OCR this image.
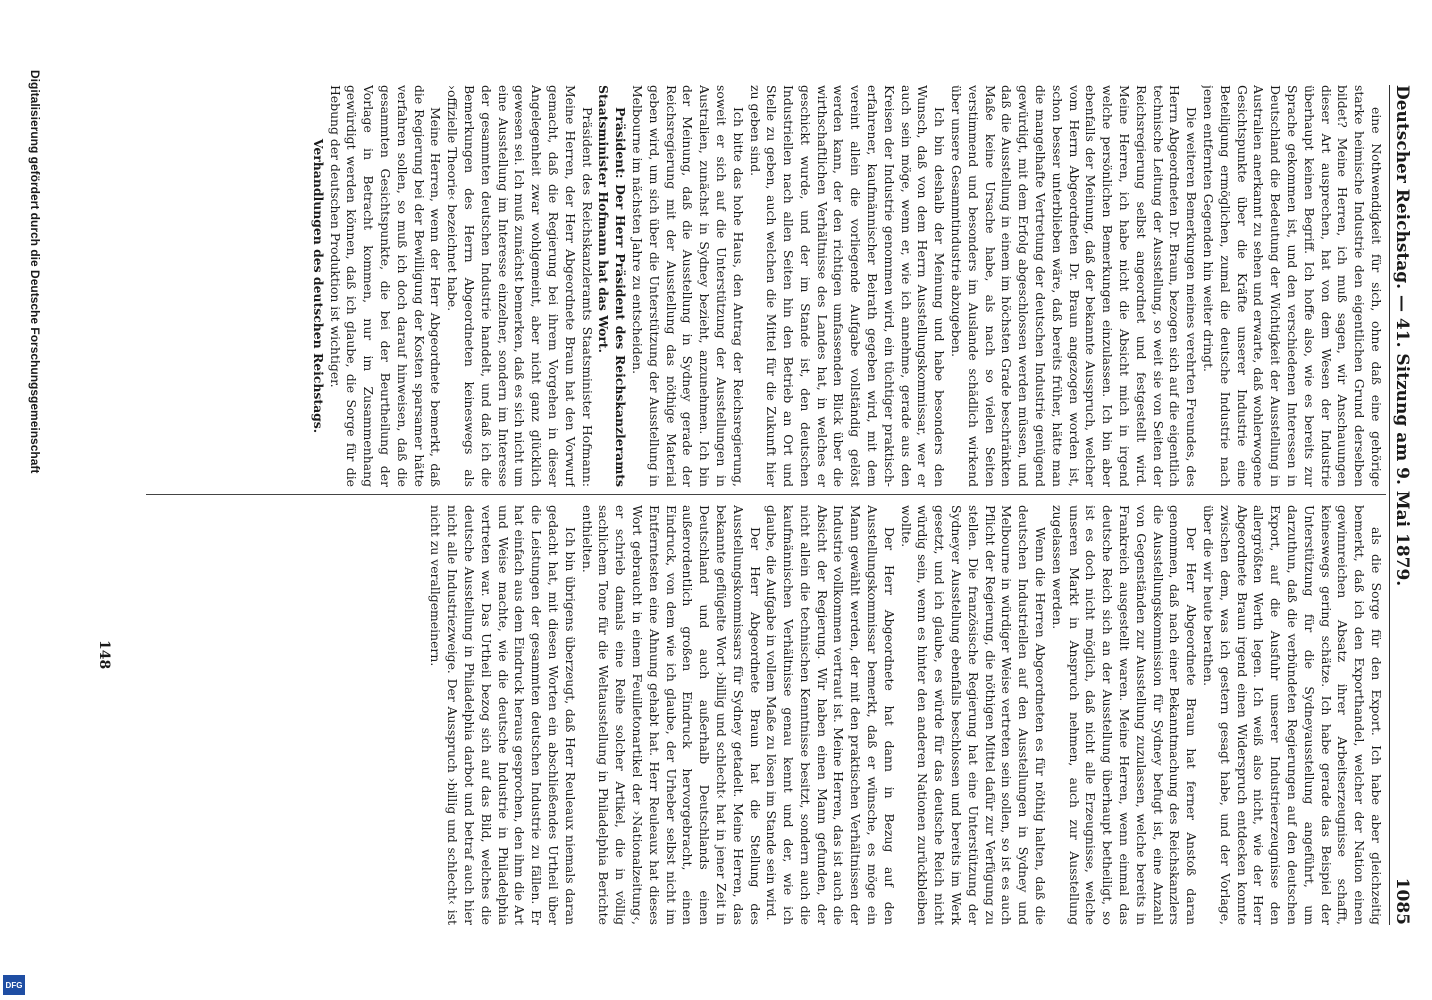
Deutscher Reichstag. — 41. Sitzung am 9. Mai 1879.
1085

eine Nothwendigkeit für sich, ohne daß eine gehörige starke heimische Industrie den eigentlichen Grund derselben bildet? Meine Herren, ich muß sagen, wir Anschauungen dieser Art ausprechen, hat von dem Wesen der Industrie überhaupt keinen Begriff. Ich hoffe also, wie es bereits zur Sprache gekommen ist, und den verschiedenen Interessen in Deutschland die Bedeutung der Wichtigkeit der Ausstellung in Australien anerkannt zu sehen und erwarte, daß wohlerwogene Gesichtspunkte über die Kräfte unserer Industrie eine Beteiligung ermöglichen, zumal die deutsche Industrie nach jenen entfernten Gegenden hin weiter dringt.

Die weiteren Bemerkungen meines verehrten Freundes, des Herrn Abgeordneten Dr. Braun, bezogen sich auf die eigentlich technische Leitung der Ausstellung, so weit sie von Seiten der Reichsregierung selbst angeordnet und festgestellt wird. Meine Herren, ich habe nicht die Absicht mich in irgend welche persönlichen Bemerkungen einzulassen. Ich bin aber ebenfalls der Meinung, daß der bekannte Ausspruch, welcher vom Herrn Abgeordneten Dr. Braun angezogen worden ist, schon besser unterblieben wäre, daß bereits früher, hätte man die mangelhafte Vertretung der deutschen Industrie genügend gewürdigt, mit dem Erfolg abgeschlossen werden müssen, und daß die Ausstellung in einem im höchsten Grade beschränkten Maße keine Ursache habe, als nach so vielen Seiten verstimmend und besonders im Auslande schädlich wirkend über unsere Gesammtindustrie abzugeben.

Ich bin deshalb der Meinung und habe besonders den Wunsch, daß von dem Herrn Ausstellungskommissar, wer er auch sein möge, wenn er, wie ich annehme, gerade aus den Kreisen der Industrie genommen wird, ein tüchtiger praktisch-erfahrener, kaufmännischer Beirath gegeben wird, mit dem vereint allein die vorliegende Aufgabe vollständig gelöst werden kann, der den richtigen umfassenden Blick über die wirthschaftlichen Verhältnisse des Landes hat, in welches er geschickt wurde, und der im Stande ist, den deutschen Industriellen nach allen Seiten hin den Betrieb an Ort und Stelle zu geben, auch welchen die Mittel für die Zukunft hier zu geben sind.

Ich bitte das hohe Haus, den Antrag der Reichsregierung, soweit er sich auf die Unterstützung der Ausstellungen in Australien, zunächst in Sydney bezieht, anzunehmen. Ich bin der Meinung, daß die Ausstellung in Sydney gerade der Reichsregierung mit der Ausstellung das nöthige Material geben wird, um sich über die Unterstützung der Ausstellung in Melbourne im nächsten Jahre zu entscheiden.

Präsident: Der Herr Präsident des Reichskanzleramts Staatsminister Hofmann hat das Wort.

Präsident des Reichskanzleramts Staatsminister Hofmann: Meine Herren, der Herr Abgeordnete Braun hat den Vorwurf gemacht, daß die Regierung bei ihrem Vorgehen in dieser Angelegenheit zwar wohlgemeint, aber nicht ganz glücklich gewesen sei. Ich muß zunächst bemerken, daß es sich nicht um eine Ausstellung im Interesse einzelner, sondern im Interesse der gesammten deutschen Industrie handelt, und daß ich die Bemerkungen des Herrn Abgeordneten keineswegs als ›offizielle Theorie‹ bezeichnet habe.

Meine Herren, wenn der Herr Abgeordnete bemerkt, daß die Regierung bei der Bewilligung der Kosten sparsamer hätte verfahren sollen, so muß ich doch darauf hinweisen, daß die gesammten Gesichtspunkte, die bei der Beurtheilung der Vorlage in Betracht kommen, nur im Zusammenhang gewürdigt werden können, daß ich glaube, die Sorge für die Hebung der deutschen Produktion ist wichtiger.

Verhandlungen des deutschen Reichstags.

als die Sorge für den Export. Ich habe aber gleichzeitig bemerkt, daß ich den Exporthandel, welcher der Nation einen gewinnreichen Absatz ihrer Arbeitserzeugnisse schafft, keineswegs gering schätze. Ich habe gerade das Beispiel der Unterstützung für die Sydneyausstellung angeführt, um darzuthun, daß die verbündeten Regierungen auf den deutschen Export, auf die Ausfuhr unserer Industrieerzeugnisse den allergrößten Werth legen. Ich weiß also nicht, wie der Herr Abgeordnete Braun irgend einen Widerspruch entdecken konnte zwischen dem, was ich gestern gesagt habe, und der Vorlage, über die wir heute berathen.

Der Herr Abgeordnete Braun hat ferner Anstoß daran genommen, daß nach einer Bekanntmachung des Reichskanzlers die Ausstellungskommission für Sydney befugt ist, eine Anzahl von Gegenständen zur Ausstellung zuzulassen, welche bereits in Frankreich ausgestellt waren. Meine Herren, wenn einmal das deutsche Reich sich an der Ausstellung überhaupt betheiligt, so ist es doch nicht möglich, daß nicht alle Erzeugnisse, welche unseren Markt in Anspruch nehmen, auch zur Ausstellung zugelassen werden.

Wenn die Herren Abgeordneten es für nöthig halten, daß die deutschen Industriellen auf den Ausstellungen in Sydney und Melbourne in würdiger Weise vertreten sein sollen, so ist es auch Pflicht der Regierung, die nöthigen Mittel dafür zur Verfügung zu stellen. Die französische Regierung hat eine Unterstützung der Sydneyer Ausstellung ebenfalls beschlossen und bereits im Werk gesetzt, und ich glaube, es würde für das deutsche Reich nicht würdig sein, wenn es hinter den anderen Nationen zurückbleiben wollte.

Der Herr Abgeordnete hat dann in Bezug auf den Ausstellungskommissar bemerkt, daß er wünsche, es möge ein Mann gewählt werden, der mit den praktischen Verhältnissen der Industrie vollkommen vertraut ist. Meine Herren, das ist auch die Absicht der Regierung. Wir haben einen Mann gefunden, der nicht allein die technischen Kenntnisse besitzt, sondern auch die kaufmännischen Verhältnisse genau kennt und der, wie ich glaube, die Aufgabe in vollem Maße zu lösen im Stande sein wird.

Der Herr Abgeordnete Braun hat die Stellung des Ausstellungskommissars für Sydney getadelt. Meine Herren, das bekannte geflügelte Wort ›billig und schlecht‹ hat in jener Zeit in Deutschland und auch außerhalb Deutschlands einen außerordentlich großen Eindruck hervorgebracht, einen Eindruck, von dem wie ich glaube, der Urheber selbst nicht im Entferntesten eine Ahnung gehabt hat. Herr Reuleaux hat dieses Wort gebraucht in einem Feuilletonartikel der ›Nationalzeitung‹, er schrieb damals eine Reihe solcher Artikel, die in völlig sachlichem Tone für die Weltausstellung in Philadelphia Berichte enthielten.

Ich bin übrigens überzeugt, daß Herr Reuleaux niemals daran gedacht hat, mit diesen Worten ein abschließendes Urtheil über die Leistungen der gesammten deutschen Industrie zu fällen. Er hat einfach aus dem Eindruck heraus gesprochen, den ihm die Art und Weise machte, wie die deutsche Industrie in Philadelphia vertreten war. Das Urtheil bezog sich auf das Bild, welches die deutsche Ausstellung in Philadelphia darbot und betraf auch hier nicht alle Industriezweige. Der Ausspruch ›billig und schlecht‹ ist nicht zu verallgemeinern.

148
Digitalisierung gefördert durch die Deutsche Forschungsgemeinschaft
DFG
